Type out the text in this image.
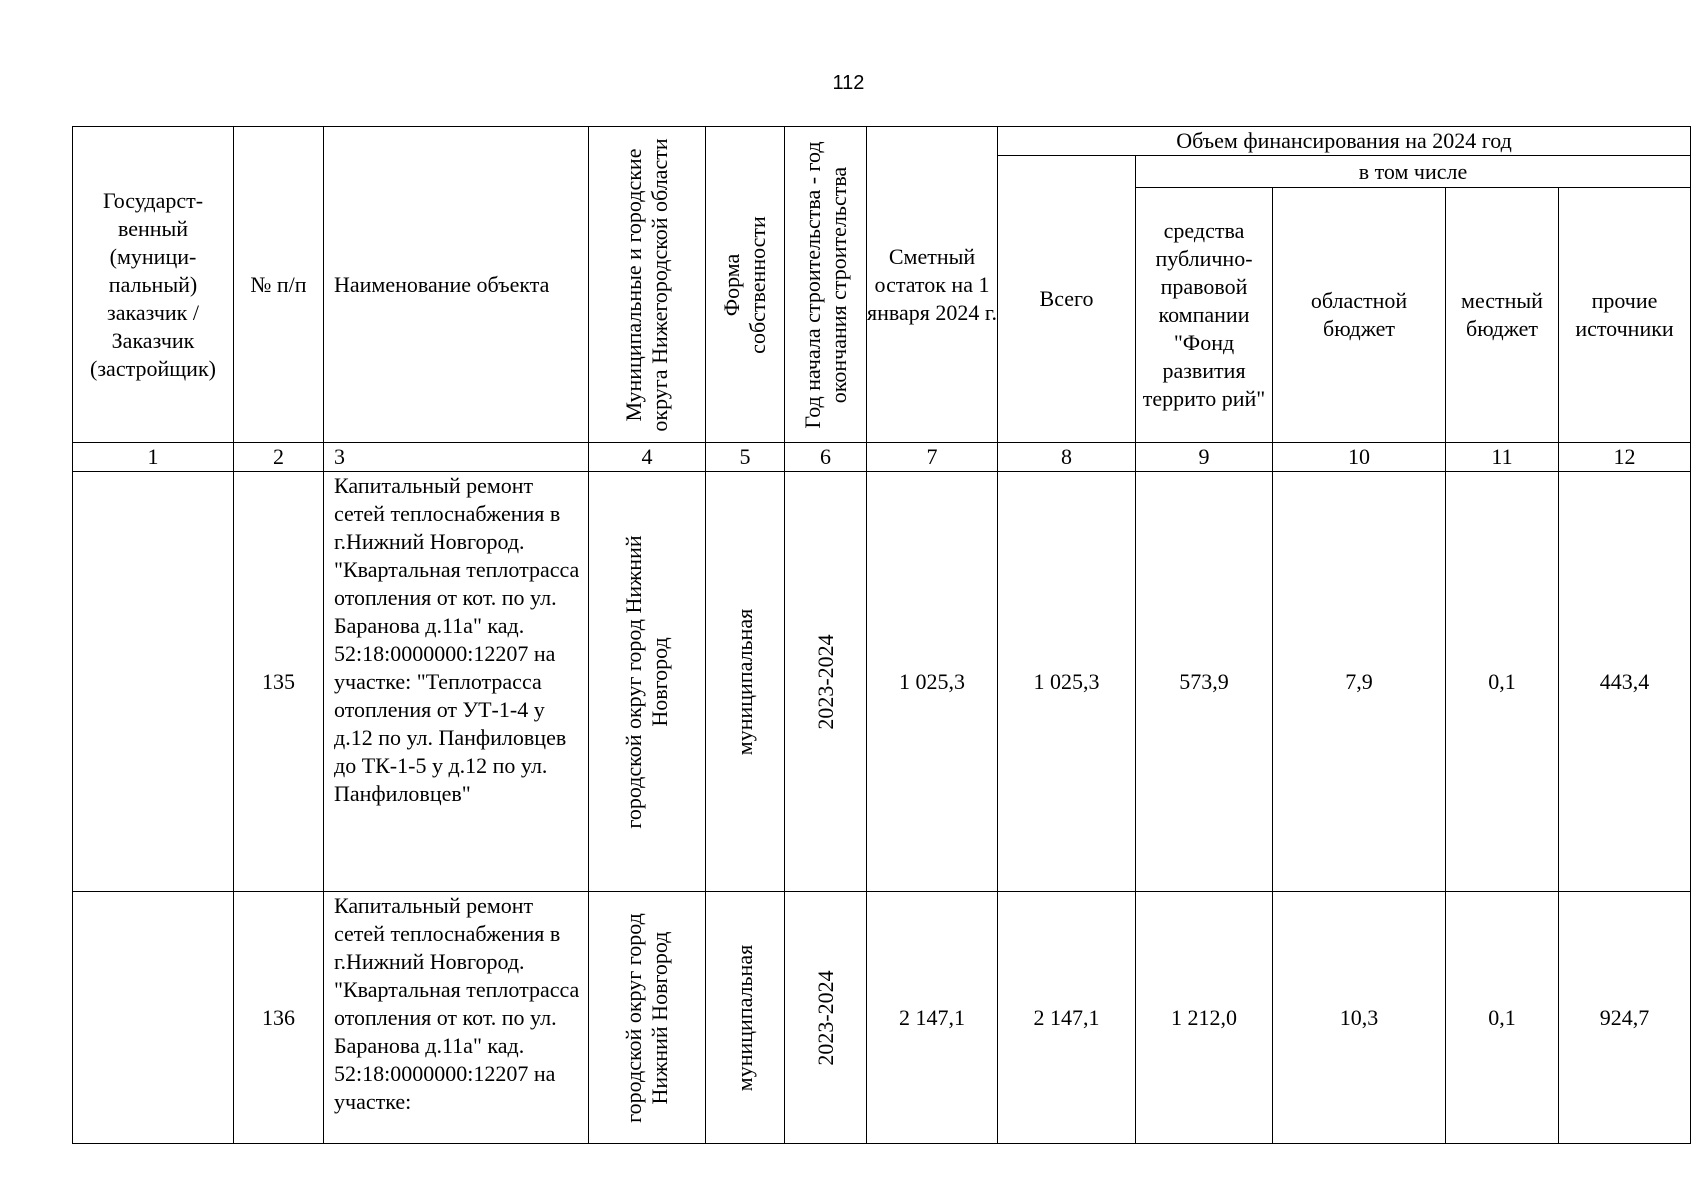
112
Государст-венный (муници-пальный) заказчик / Заказчик (застройщик)	№ п/п	Наименование объекта	Муниципальные и городские округа Нижегородской области	Форма собственности	Год начала строительства - год окончания строительства	Сметный остаток на 1 января 2024 г.	Объем финансирования на 2024 год				
							Всего	в том числе			
								средства публично-правовой компании "Фонд развития террито рий"	областной бюджет	местный бюджет	прочие источники
1	2	3	4	5	6	7	8	9	10	11	12
	135	Капитальный ремонт сетей теплоснабжения в г.Нижний Новгород. "Квартальная теплотрасса отопления от кот. по ул. Баранова д.11а" кад. 52:18:0000000:12207 на участке: "Теплотрасса отопления от УТ-1-4 у д.12 по ул. Панфиловцев до ТК-1-5 у д.12 по ул. Панфиловцев"	городской округ город Нижний Новгород	муниципальная	2023-2024	1 025,3	1 025,3	573,9	7,9	0,1	443,4
	136	Капитальный ремонт сетей теплоснабжения в г.Нижний Новгород. "Квартальная теплотрасса отопления от кот. по ул. Баранова д.11а" кад. 52:18:0000000:12207 на участке:	городской округ город Нижний Новгород	муниципальная	2023-2024	2 147,1	2 147,1	1 212,0	10,3	0,1	924,7
